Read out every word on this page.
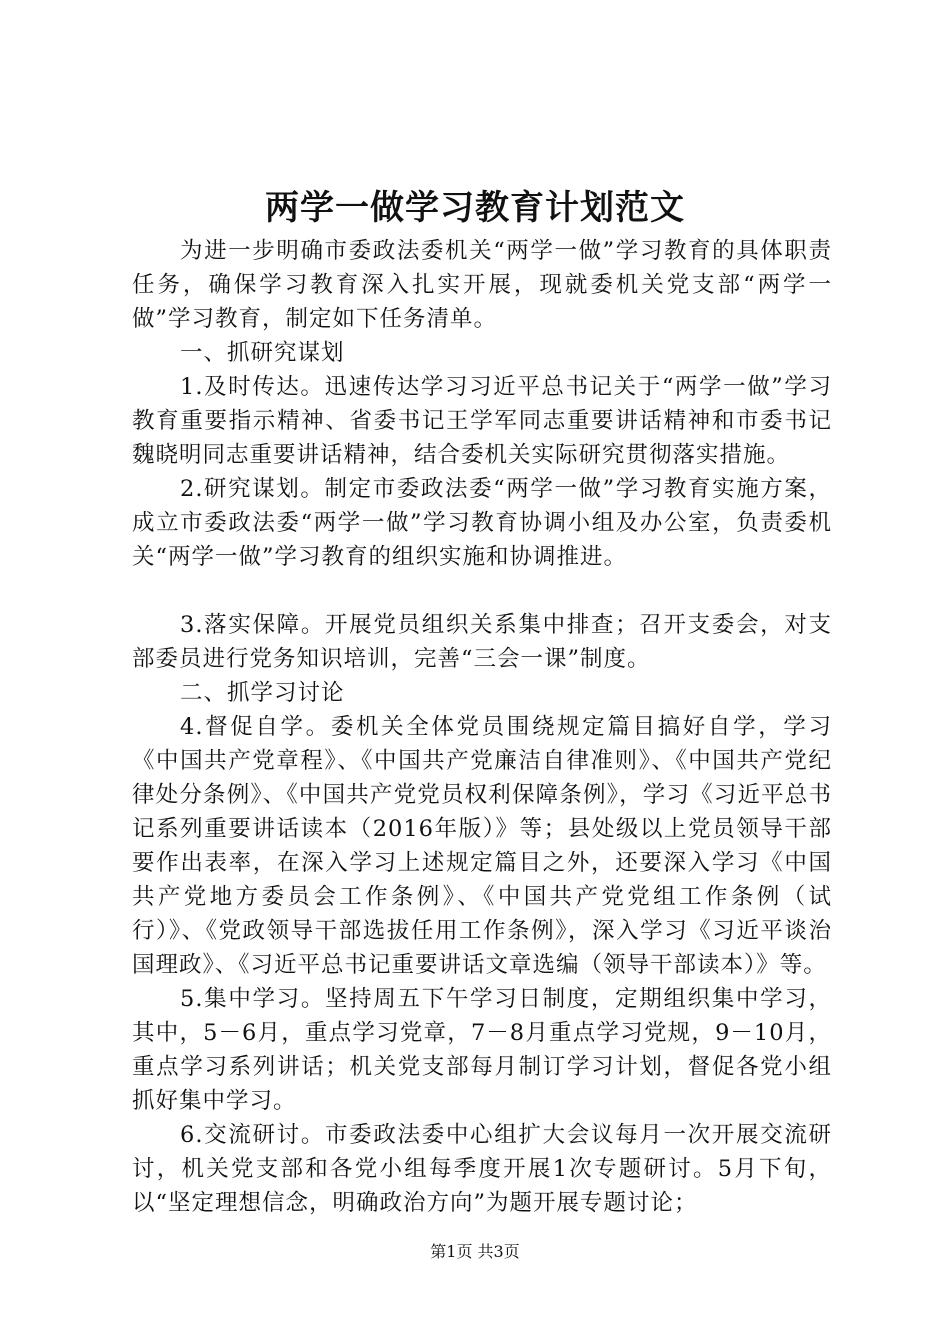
两学一做学习教育计划范文

为进一步明确市委政法委机关“两学一做”学习教育的具体职责任务，确保学习教育深入扎实开展，现就委机关党支部“两学一做”学习教育，制定如下任务清单。

一、抓研究谋划

1.及时传达。迅速传达学习习近平总书记关于“两学一做”学习教育重要指示精神、省委书记王学军同志重要讲话精神和市委书记魏晓明同志重要讲话精神，结合委机关实际研究贯彻落实措施。

2.研究谋划。制定市委政法委“两学一做”学习教育实施方案，成立市委政法委“两学一做”学习教育协调小组及办公室，负责委机关“两学一做”学习教育的组织实施和协调推进。

3.落实保障。开展党员组织关系集中排查；召开支委会，对支部委员进行党务知识培训，完善“三会一课”制度。

二、抓学习讨论

4.督促自学。委机关全体党员围绕规定篇目搞好自学，学习《中国共产党章程》、《中国共产党廉洁自律准则》、《中国共产党纪律处分条例》、《中国共产党党员权利保障条例》，学习《习近平总书记系列重要讲话读本（2016年版）》等；县处级以上党员领导干部要作出表率，在深入学习上述规定篇目之外，还要深入学习《中国共产党地方委员会工作条例》、《中国共产党党组工作条例（试行）》、《党政领导干部选拔任用工作条例》，深入学习《习近平谈治国理政》、《习近平总书记重要讲话文章选编（领导干部读本）》等。

5.集中学习。坚持周五下午学习日制度，定期组织集中学习，其中，5－6月，重点学习党章，7－8月重点学习党规，9－10月，重点学习系列讲话；机关党支部每月制订学习计划，督促各党小组抓好集中学习。

6.交流研讨。市委政法委中心组扩大会议每月一次开展交流研讨，机关党支部和各党小组每季度开展1次专题研讨。5月下旬，以“坚定理想信念，明确政治方向”为题开展专题讨论；

第1页 共3页
